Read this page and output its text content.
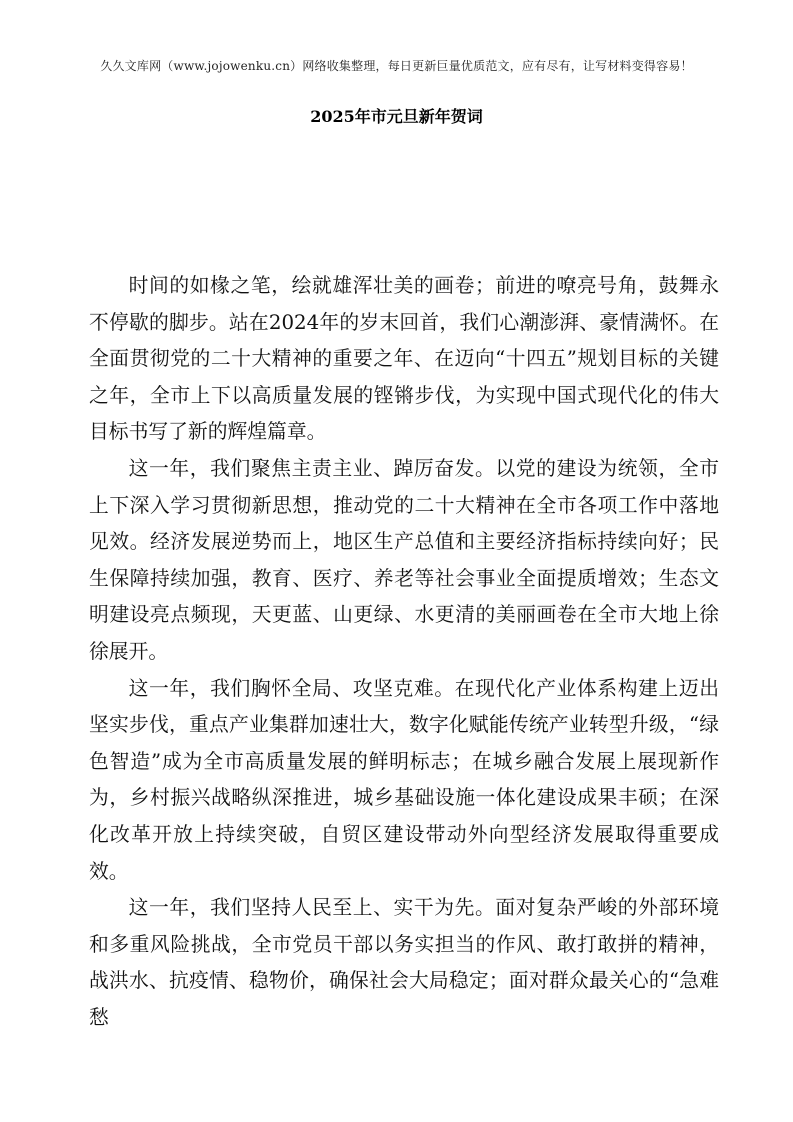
久久文库网（www.jojowenku.cn）网络收集整理，每日更新巨量优质范文，应有尽有，让写材料变得容易！
2025年市元旦新年贺词

时间的如椽之笔，绘就雄浑壮美的画卷；前进的嘹亮号角，鼓舞永不停歇的脚步。站在2024年的岁末回首，我们心潮澎湃、豪情满怀。在全面贯彻党的二十大精神的重要之年、在迈向“十四五”规划目标的关键之年，全市上下以高质量发展的铿锵步伐，为实现中国式现代化的伟大目标书写了新的辉煌篇章。

这一年，我们聚焦主责主业、踔厉奋发。以党的建设为统领，全市上下深入学习贯彻新思想，推动党的二十大精神在全市各项工作中落地见效。经济发展逆势而上，地区生产总值和主要经济指标持续向好；民生保障持续加强，教育、医疗、养老等社会事业全面提质增效；生态文明建设亮点频现，天更蓝、山更绿、水更清的美丽画卷在全市大地上徐徐展开。

这一年，我们胸怀全局、攻坚克难。在现代化产业体系构建上迈出坚实步伐，重点产业集群加速壮大，数字化赋能传统产业转型升级，“绿色智造”成为全市高质量发展的鲜明标志；在城乡融合发展上展现新作为，乡村振兴战略纵深推进，城乡基础设施一体化建设成果丰硕；在深化改革开放上持续突破，自贸区建设带动外向型经济发展取得重要成效。

这一年，我们坚持人民至上、实干为先。面对复杂严峻的外部环境和多重风险挑战，全市党员干部以务实担当的作风、敢打敢拼的精神，战洪水、抗疫情、稳物价，确保社会大局稳定；面对群众最关心的“急难愁
